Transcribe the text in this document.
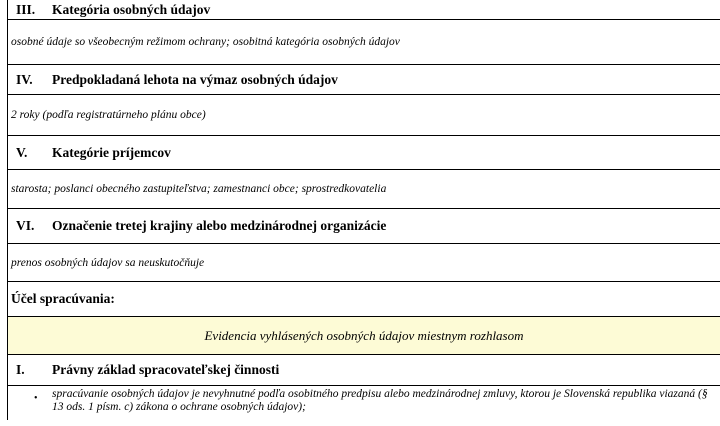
III.	Kategória osobných údajov
osobné údaje so všeobecným režimom ochrany; osobitná kategória osobných údajov
IV.	Predpokladaná lehota na výmaz osobných údajov
2 roky (podľa registratúrneho plánu obce)
V.	Kategórie príjemcov
starosta; poslanci obecného zastupiteľstva; zamestnanci obce; sprostredkovatelia
VI.	Označenie tretej krajiny alebo medzinárodnej organizácie
prenos osobných údajov sa neuskutočňuje
Účel spracúvania:
Evidencia vyhlásených osobných údajov miestnym rozhlasom
I.	Právny základ spracovateľskej činnosti
• spracúvanie osobných údajov je nevyhnutné podľa osobitného predpisu alebo medzinárodnej zmluvy, ktorou je Slovenská republika viazaná (§ 13 ods. 1 písm. c) zákona o ochrane osobných údajov);
